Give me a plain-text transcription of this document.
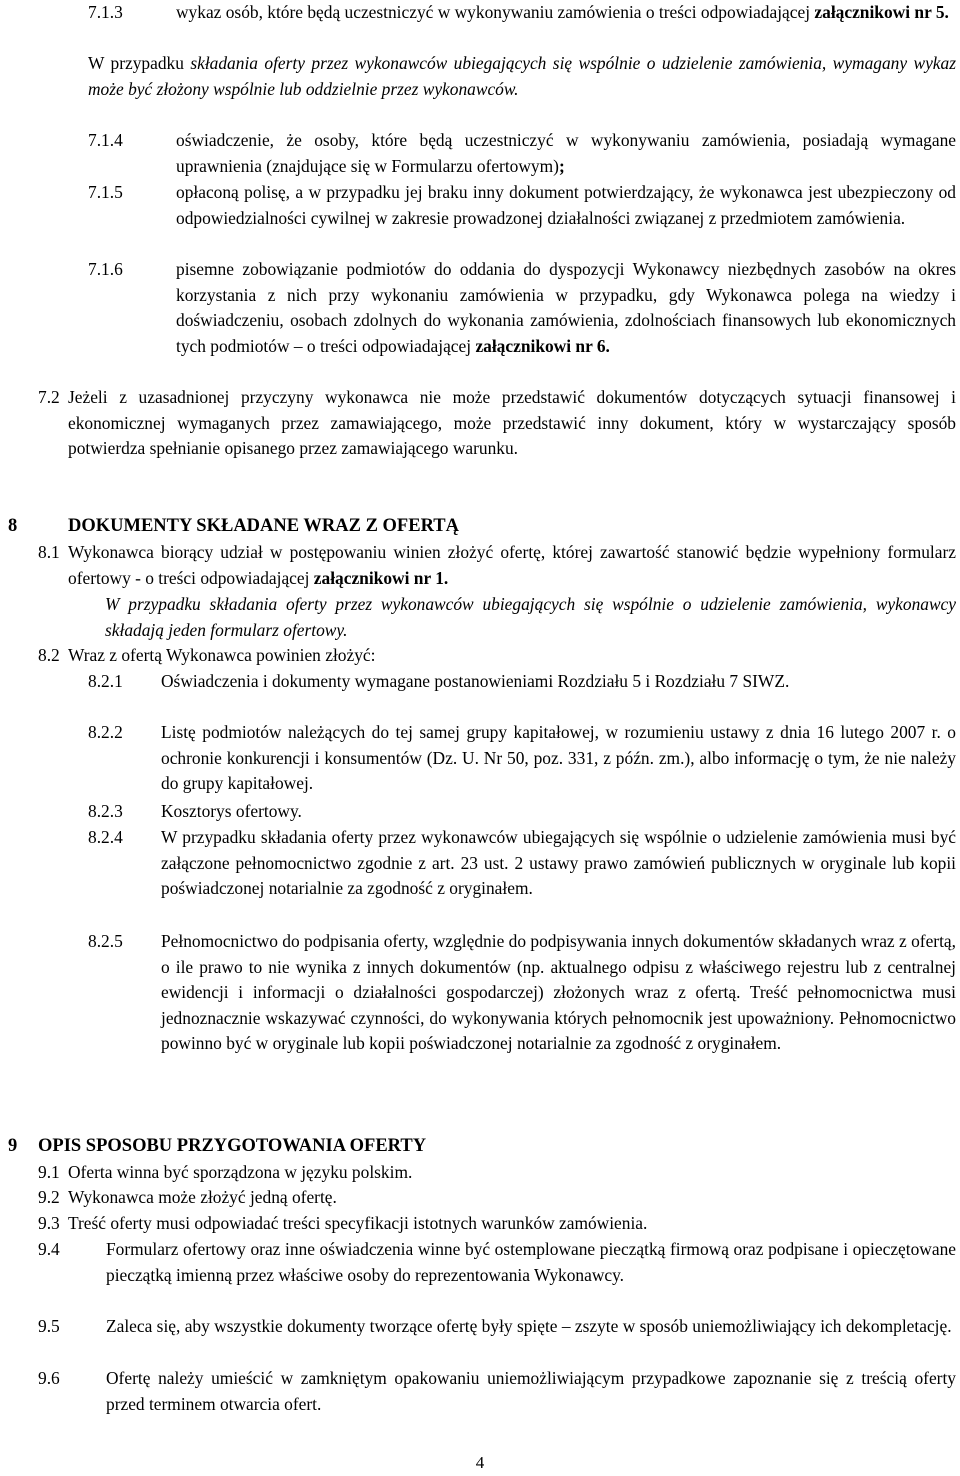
7.1.3	wykaz osób, które będą uczestniczyć w wykonywaniu zamówienia o treści odpowiadającej załącznikowi nr 5.
W przypadku składania oferty przez wykonawców ubiegających się wspólnie o udzielenie zamówienia, wymagany wykaz może być złożony wspólnie lub oddzielnie przez wykonawców.
7.1.4	oświadczenie, że osoby, które będą uczestniczyć w wykonywaniu zamówienia, posiadają wymagane uprawnienia (znajdujące się w Formularzu ofertowym);
7.1.5	opłaconą polisę, a w przypadku jej braku inny dokument potwierdzający, że wykonawca jest ubezpieczony od odpowiedzialności cywilnej w zakresie prowadzonej działalności związanej z przedmiotem zamówienia.
7.1.6	pisemne zobowiązanie podmiotów do oddania do dyspozycji Wykonawcy niezbędnych zasobów na okres korzystania z nich przy wykonaniu zamówienia w przypadku, gdy Wykonawca polega na wiedzy i doświadczeniu, osobach zdolnych do wykonania zamówienia, zdolnościach finansowych lub ekonomicznych tych podmiotów – o treści odpowiadającej załącznikowi nr 6.
7.2 Jeżeli z uzasadnionej przyczyny wykonawca nie może przedstawić dokumentów dotyczących sytuacji finansowej i ekonomicznej wymaganych przez zamawiającego, może przedstawić inny dokument, który w wystarczający sposób potwierdza spełnianie opisanego przez zamawiającego warunku.
8	DOKUMENTY SKŁADANE WRAZ Z OFERTĄ
8.1 Wykonawca biorący udział w postępowaniu winien złożyć ofertę, której zawartość stanowić będzie wypełniony formularz ofertowy - o treści odpowiadającej załącznikowi nr 1.
W przypadku składania oferty przez wykonawców ubiegających się wspólnie o udzielenie zamówienia, wykonawcy składają jeden formularz ofertowy.
8.2 Wraz z ofertą Wykonawca powinien złożyć:
8.2.1	Oświadczenia i dokumenty wymagane postanowieniami Rozdziału 5 i Rozdziału 7 SIWZ.
8.2.2	Listę podmiotów należących do tej samej grupy kapitałowej, w rozumieniu ustawy z dnia 16 lutego 2007 r. o ochronie konkurencji i konsumentów (Dz. U. Nr 50, poz. 331, z późn. zm.), albo informację o tym, że nie należy do grupy kapitałowej.
8.2.3	Kosztorys ofertowy.
8.2.4	W przypadku składania oferty przez wykonawców ubiegających się wspólnie o udzielenie zamówienia musi być załączone pełnomocnictwo zgodnie z art. 23 ust. 2 ustawy prawo zamówień publicznych w oryginale lub kopii poświadczonej notarialnie za zgodność z oryginałem.
8.2.5	Pełnomocnictwo do podpisania oferty, względnie do podpisywania innych dokumentów składanych wraz z ofertą, o ile prawo to nie wynika z innych dokumentów (np. aktualnego odpisu z właściwego rejestru lub z centralnej ewidencji i informacji o działalności gospodarczej) złożonych wraz z ofertą. Treść pełnomocnictwa musi jednoznacznie wskazywać czynności, do wykonywania których pełnomocnik jest upoważniony. Pełnomocnictwo powinno być w oryginale lub kopii poświadczonej notarialnie za zgodność z oryginałem.
9	OPIS SPOSOBU PRZYGOTOWANIA OFERTY
9.1 Oferta winna być sporządzona w języku polskim.
9.2 Wykonawca może złożyć jedną ofertę.
9.3 Treść oferty musi odpowiadać treści specyfikacji istotnych warunków zamówienia.
9.4	Formularz ofertowy oraz inne oświadczenia winne być ostemplowane pieczątką firmową oraz podpisane i opieczętowane pieczątką imienną przez właściwe osoby do reprezentowania Wykonawcy.
9.5	Zaleca się, aby wszystkie dokumenty tworzące ofertę były spięte – zszyte w sposób uniemożliwiający ich dekompletację.
9.6	Ofertę należy umieścić w zamkniętym opakowaniu uniemożliwiającym przypadkowe zapoznanie się z treścią oferty przed terminem otwarcia ofert.
4
